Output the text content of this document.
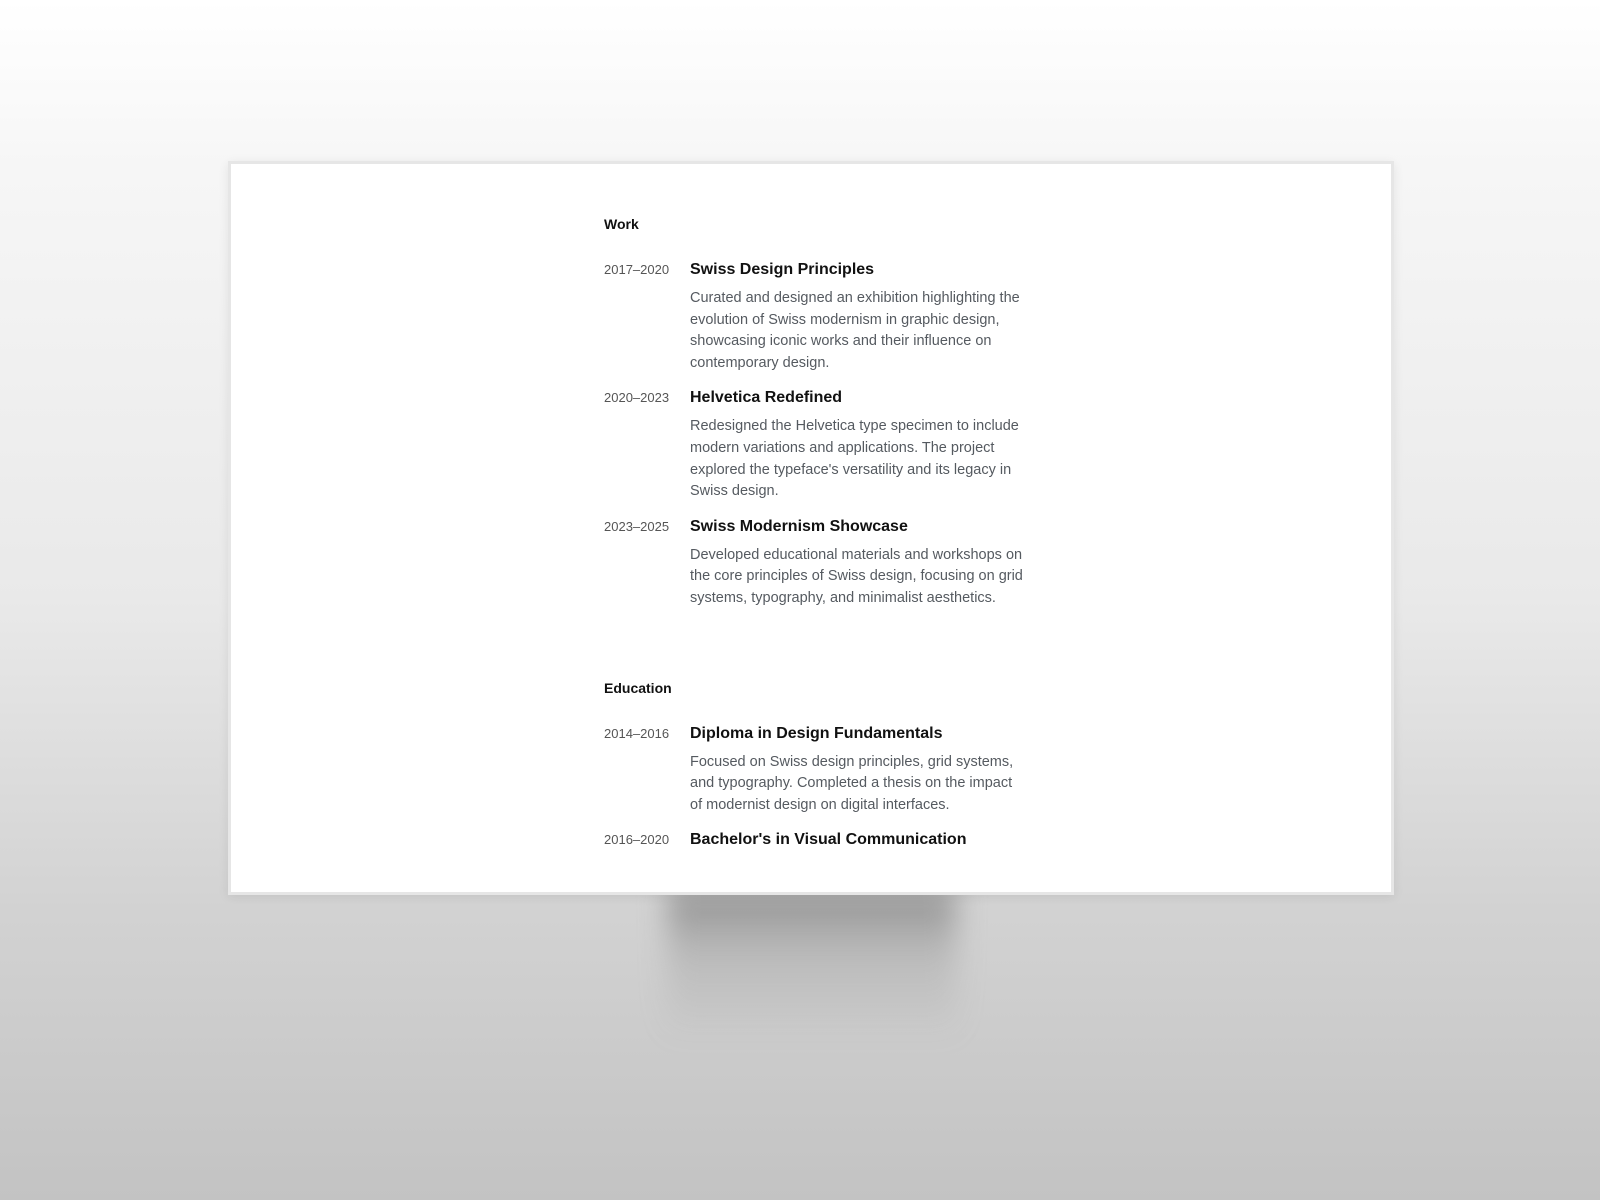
Work
2017–2020	Swiss Design Principles

Curated and designed an exhibition highlighting the evolution of Swiss modernism in graphic design, showcasing iconic works and their influence on contemporary design.

2020–2023	Helvetica Redefined

Redesigned the Helvetica type specimen to include modern variations and applications. The project explored the typeface's versatility and its legacy in Swiss design.

2023–2025	Swiss Modernism Showcase

Developed educational materials and workshops on the core principles of Swiss design, focusing on grid systems, typography, and minimalist aesthetics.

Education
2014–2016	Diploma in Design Fundamentals

Focused on Swiss design principles, grid systems, and typography. Completed a thesis on the impact of modernist design on digital interfaces.

2016–2020	Bachelor's in Visual Communication
